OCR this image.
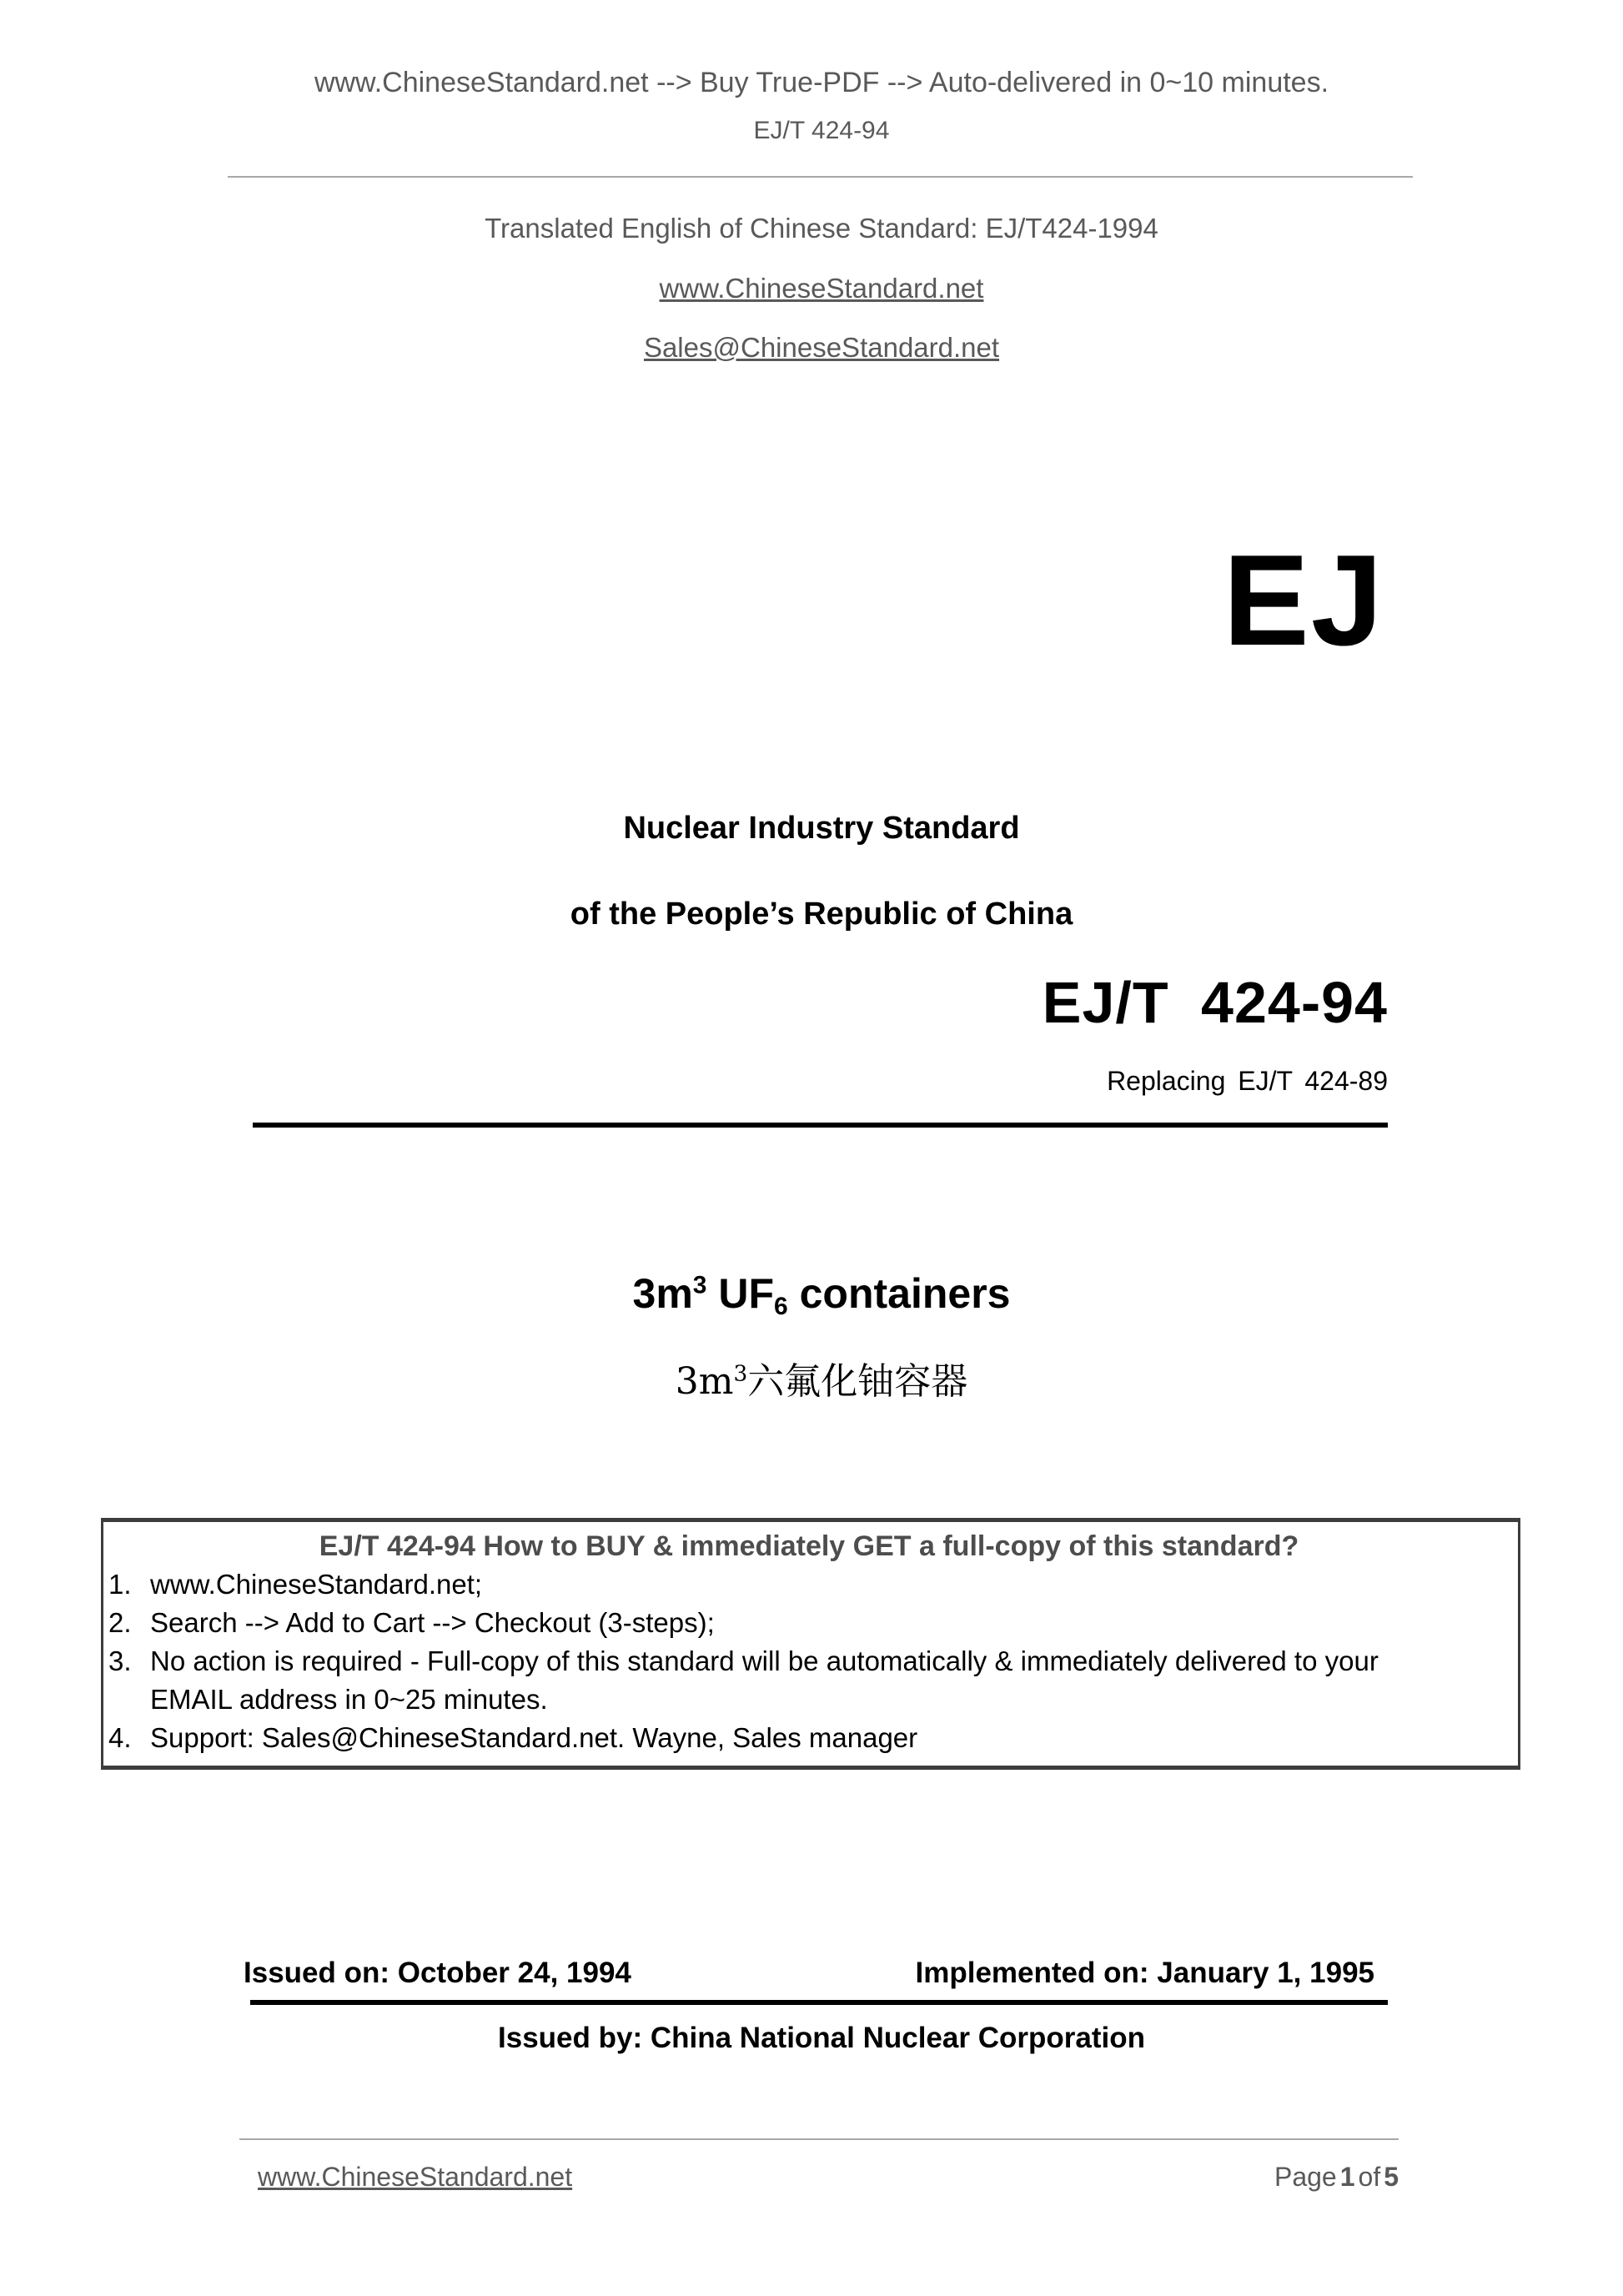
www.ChineseStandard.net --> Buy True-PDF --> Auto-delivered in 0~10 minutes.
EJ/T 424-94
Translated English of Chinese Standard: EJ/T424-1994
www.ChineseStandard.net
Sales@ChineseStandard.net
EJ
Nuclear Industry Standard
of the People’s Republic of China
EJ/T 424-94
Replacing EJ/T 424-89
$3m^3$ $UF_6$ containers
$3m^3$六氟化铀容器
EJ/T 424-94 How to BUY & immediately GET a full-copy of this standard?
1. www.ChineseStandard.net;
2. Search --> Add to Cart --> Checkout (3-steps);
3. No action is required - Full-copy of this standard will be automatically & immediately delivered to your EMAIL address in 0~25 minutes.
4. Support: Sales@ChineseStandard.net. Wayne, Sales manager
Issued on: October 24, 1994	Implemented on: January 1, 1995
Issued by: China National Nuclear Corporation
www.ChineseStandard.net	Page 1 of 5
